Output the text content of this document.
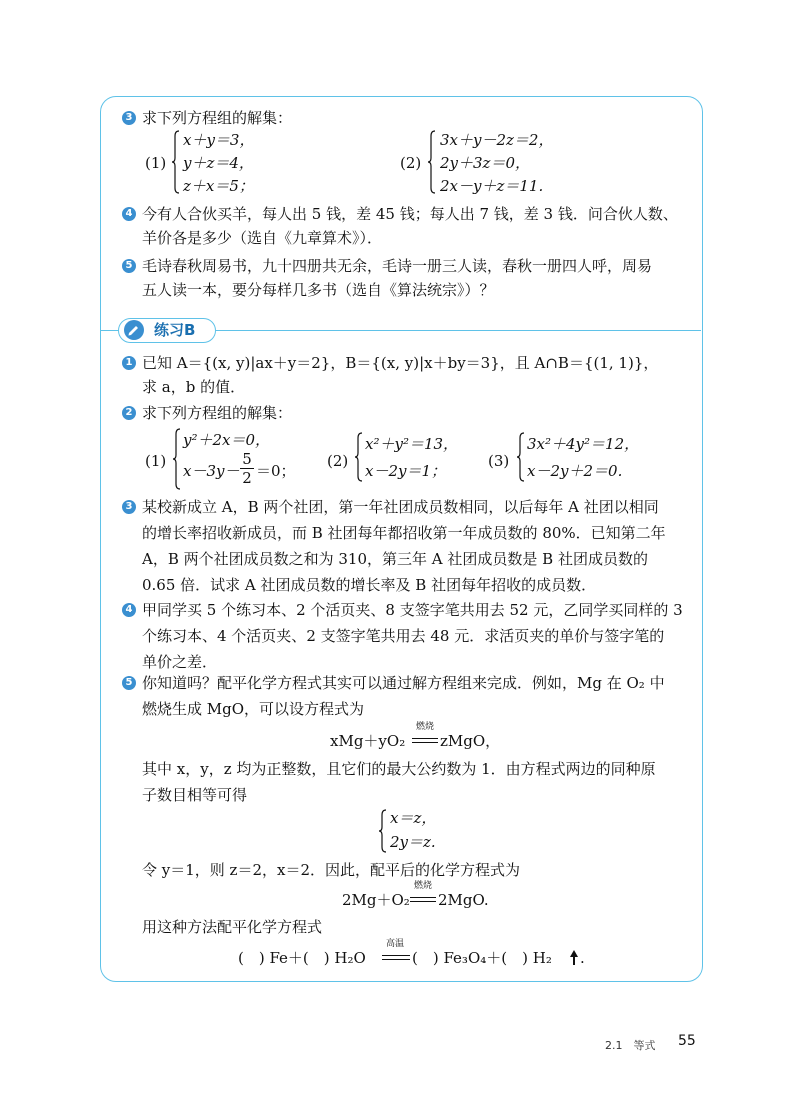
练习B
3 求下列方程组的解集：
(1)
x＋y＝3，
y＋z＝4，
z＋x＝5；
(2)
3x＋y－2z＝2，
2y＋3z＝0，
2x－y＋z＝11.
4 今有人合伙买羊，每人出 5 钱，差 45 钱；每人出 7 钱，差 3 钱．问合伙人数、
羊价各是多少（选自《九章算术》）．
5 毛诗春秋周易书，九十四册共无余，毛诗一册三人读，春秋一册四人呼，周易
五人读一本，要分每样几多书（选自《算法统宗》）？
1 已知 A＝{(x, y)|ax＋y＝2}，B＝{(x, y)|x＋by＝3}，且 A∩B＝{(1, 1)}，
求 a，b 的值．
2 求下列方程组的解集：
(1)
y²＋2x＝0，
x－3y－
5
2 ＝0；
(2)
x²＋y²＝13，
x－2y＝1；
(3)
3x²＋4y²＝12，
x－2y＋2＝0.
3 某校新成立 A，B 两个社团，第一年社团成员数相同，以后每年 A 社团以相同
的增长率招收新成员，而 B 社团每年都招收第一年成员数的 80%．已知第二年
A，B 两个社团成员数之和为 310，第三年 A 社团成员数是 B 社团成员数的
0.65 倍．试求 A 社团成员数的增长率及 B 社团每年招收的成员数．
4 甲同学买 5 个练习本、2 个活页夹、8 支签字笔共用去 52 元，乙同学买同样的 3
个练习本、4 个活页夹、2 支签字笔共用去 48 元．求活页夹的单价与签字笔的
单价之差．
5 你知道吗？配平化学方程式其实可以通过解方程组来完成．例如，Mg 在 O₂ 中
燃烧生成 MgO，可以设方程式为
xMg＋yO₂
燃烧
zMgO，
其中 x，y，z 均为正整数，且它们的最大公约数为 1．由方程式两边的同种原
子数目相等可得
x＝z，
2y＝z.
令 y＝1，则 z＝2，x＝2．因此，配平后的化学方程式为
2Mg＋O₂
燃烧
2MgO.
用这种方法配平化学方程式
(　) Fe＋(　) H₂O
高温
(　) Fe₃O₄＋(　) H₂ .
2.1　等式 55
